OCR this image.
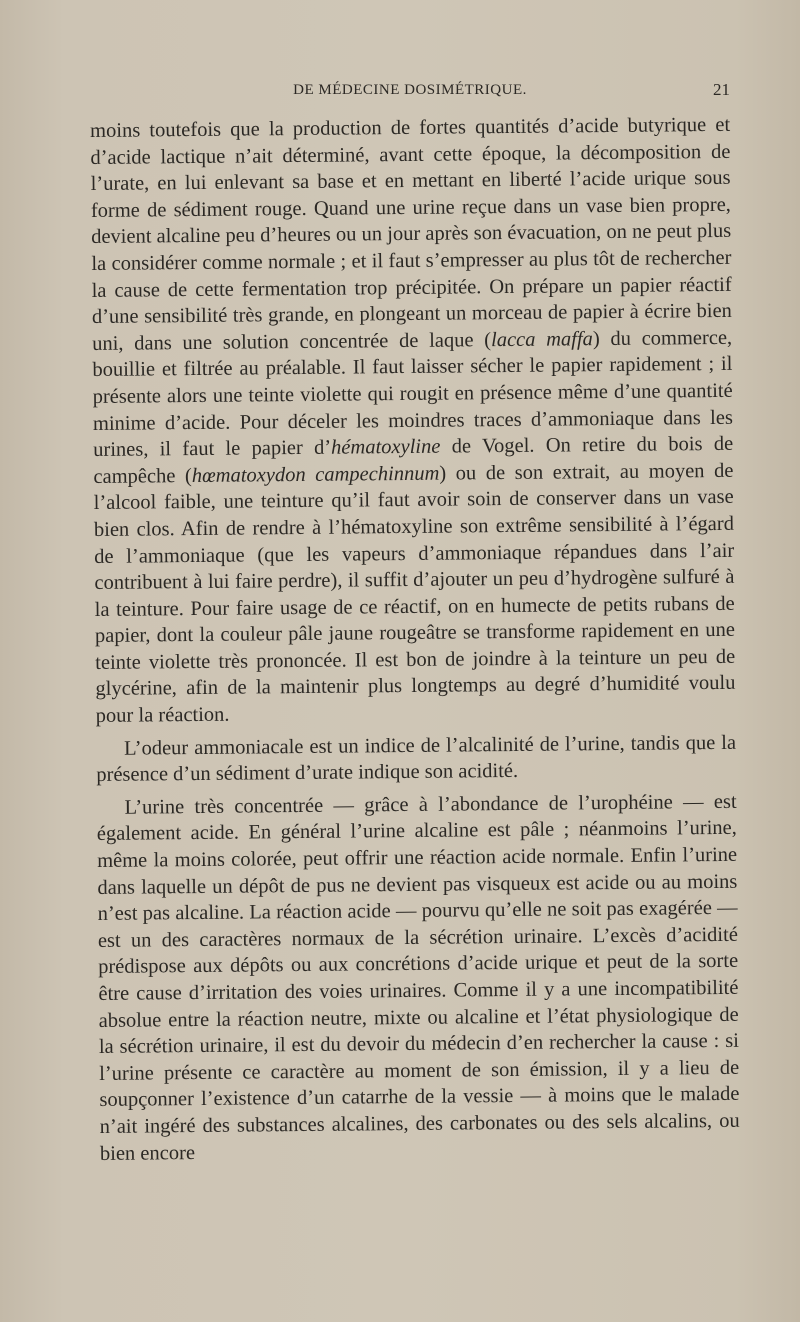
DE MÉDECINE DOSIMÉTRIQUE.	21

moins toutefois que la production de fortes quantités d’acide butyrique et d’acide lactique n’ait déterminé, avant cette époque, la décomposition de l’urate, en lui enlevant sa base et en mettant en liberté l’acide urique sous forme de sédiment rouge. Quand une urine reçue dans un vase bien propre, devient alcaline peu d’heures ou un jour après son évacuation, on ne peut plus la considérer comme normale ; et il faut s’empresser au plus tôt de rechercher la cause de cette fermentation trop précipitée. On prépare un papier réactif d’une sensibilité très grande, en plongeant un morceau de papier à écrire bien uni, dans une solution concentrée de laque (lacca maffa) du commerce, bouillie et filtrée au préalable. Il faut laisser sécher le papier rapidement ; il présente alors une teinte violette qui rougit en présence même d’une quantité minime d’acide. Pour déceler les moindres traces d’ammoniaque dans les urines, il faut le papier d’hématoxyline de Vogel. On retire du bois de campêche (hœmatoxydon campechinnum) ou de son extrait, au moyen de l’alcool faible, une teinture qu’il faut avoir soin de conserver dans un vase bien clos. Afin de rendre à l’hématoxyline son extrême sensibilité à l’égard de l’ammoniaque (que les vapeurs d’ammoniaque répandues dans l’air contribuent à lui faire perdre), il suffit d’ajouter un peu d’hydrogène sulfuré à la teinture. Pour faire usage de ce réactif, on en humecte de petits rubans de papier, dont la couleur pâle jaune rougeâtre se transforme rapidement en une teinte violette très prononcée. Il est bon de joindre à la teinture un peu de glycérine, afin de la maintenir plus longtemps au degré d’humidité voulu pour la réaction.

L’odeur ammoniacale est un indice de l’alcalinité de l’urine, tandis que la présence d’un sédiment d’urate indique son acidité.

L’urine très concentrée — grâce à l’abondance de l’urophéine — est également acide. En général l’urine alcaline est pâle ; néanmoins l’urine, même la moins colorée, peut offrir une réaction acide normale. Enfin l’urine dans laquelle un dépôt de pus ne devient pas visqueux est acide ou au moins n’est pas alcaline. La réaction acide — pourvu qu’elle ne soit pas exagérée — est un des caractères normaux de la sécrétion urinaire. L’excès d’acidité prédispose aux dépôts ou aux concrétions d’acide urique et peut de la sorte être cause d’irritation des voies urinaires. Comme il y a une incompatibilité absolue entre la réaction neutre, mixte ou alcaline et l’état physiologique de la sécrétion urinaire, il est du devoir du médecin d’en rechercher la cause : si l’urine présente ce caractère au moment de son émission, il y a lieu de soupçonner l’existence d’un catarrhe de la vessie — à moins que le malade n’ait ingéré des substances alcalines, des carbonates ou des sels alcalins, ou bien encore
